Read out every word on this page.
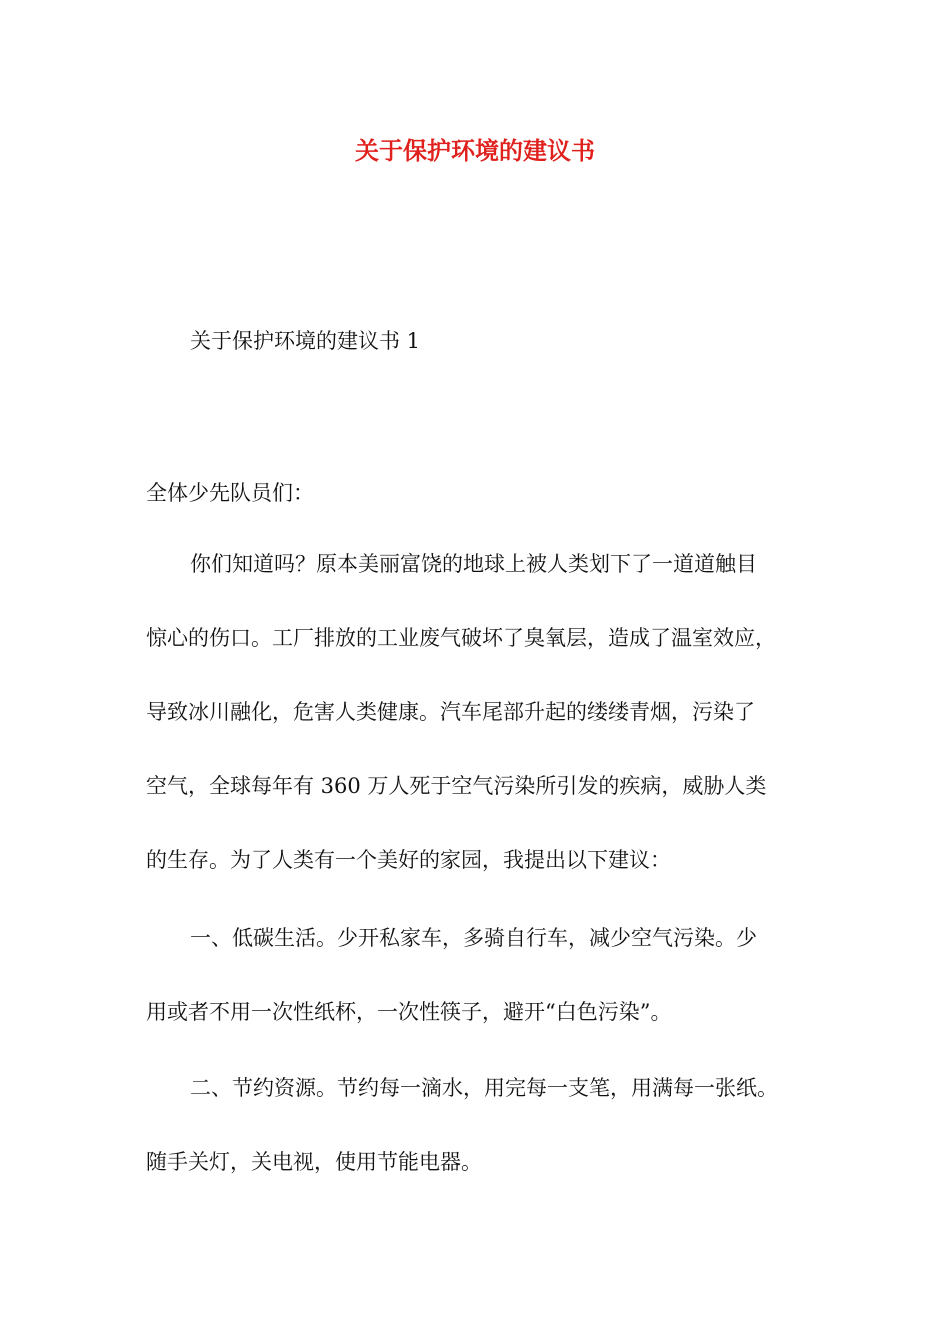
关于保护环境的建议书

关于保护环境的建议书 1

全体少先队员们：

你们知道吗？原本美丽富饶的地球上被人类划下了一道道触目

惊心的伤口。工厂排放的工业废气破坏了臭氧层，造成了温室效应，

导致冰川融化，危害人类健康。汽车尾部升起的缕缕青烟，污染了

空气，全球每年有 360 万人死于空气污染所引发的疾病，威胁人类

的生存。为了人类有一个美好的家园，我提出以下建议：

一、低碳生活。少开私家车，多骑自行车，减少空气污染。少

用或者不用一次性纸杯，一次性筷子，避开“白色污染”。

二、节约资源。节约每一滴水，用完每一支笔，用满每一张纸。

随手关灯，关电视，使用节能电器。
